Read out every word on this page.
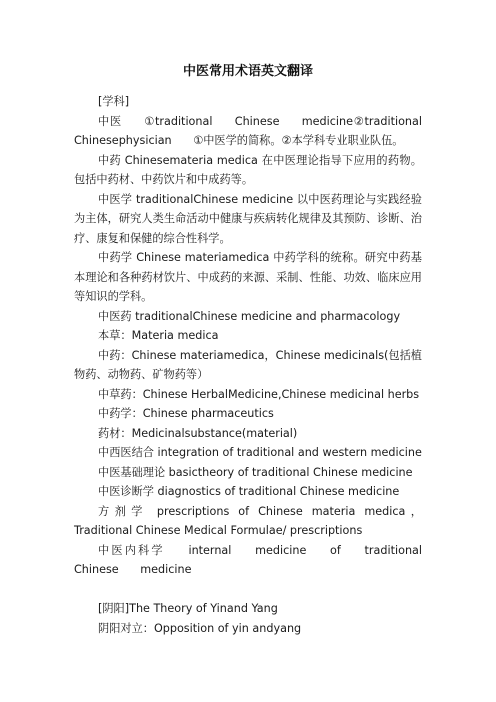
中医常用术语英文翻译

[学科]

中医 ①traditional Chinese medicine②traditional Chinesephysician ①中医学的简称。②本学科专业职业队伍。

中药 Chinesemateria medica 在中医理论指导下应用的药物。包括中药材、中药饮片和中成药等。

中医学 traditionalChinese medicine 以中医药理论与实践经验为主体，研究人类生命活动中健康与疾病转化规律及其预防、诊断、治疗、康复和保健的综合性科学。

中药学 Chinese materiamedica 中药学科的统称。研究中药基本理论和各种药材饮片、中成药的来源、采制、性能、功效、临床应用等知识的学科。

中医药 traditionalChinese medicine and pharmacology

本草：Materia medica

中药：Chinese materiamedica，Chinese medicinals(包括植物药、动物药、矿物药等）

中草药：Chinese HerbalMedicine,Chinese medicinal herbs

中药学：Chinese pharmaceutics

药材：Medicinalsubstance(material)

中西医结合 integration of traditional and western medicine

中医基础理论 basictheory of traditional Chinese medicine

中医诊断学 diagnostics of traditional Chinese medicine

方剂学 prescriptions of Chinese materia medica，Traditional Chinese Medical Formulae/ prescriptions

中医内科学 internal medicine of traditional Chinese medicine

[阴阳]The Theory of Yinand Yang

阴阳对立：Opposition of yin andyang
